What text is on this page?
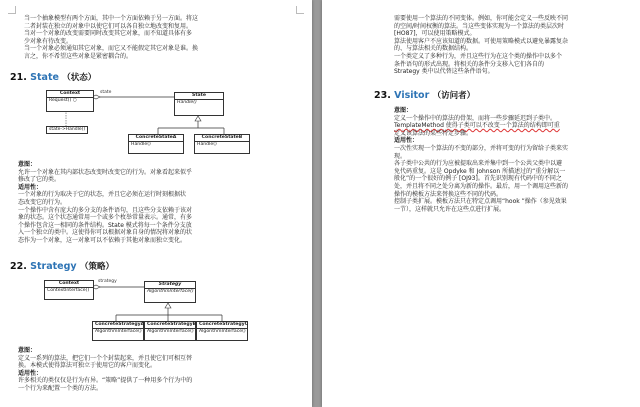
当一个抽象模型有两个方面，其中一个方面依赖于另一方面。将这

二者封装在独立的对象中以使它们可以各自独立地改变和复用。

当对一个对象的改变需要同时改变其它对象，而不知道具体有多

少对象有待改变。

当一个对象必须通知其它对象，而它又不能假定其它对象是谁。换

言之，你不希望这些对象是紧密耦合的。

21. State （状态）
Context
Request() ○
state
State
Handle()
state->Handle()
ConcreteStateA
Handle()
ConcreteStateB
Handle()

意图：

允许一个对象在其内部状态改变时改变它的行为。对象看起来似乎

修改了它的类。

适用性：

一个对象的行为取决于它的状态，并且它必须在运行时刻根据状

态改变它的行为。

一个操作中含有庞大的多分支的条件语句，且这些分支依赖于该对

象的状态。这个状态通常用一个或多个枚举常量表示。通常，有多

个操作包含这一相同的条件结构。State 模式将每一个条件分支放

入一个独立的类中。这使得你可以根据对象自身的情况将对象的状

态作为一个对象，这一对象可以不依赖于其他对象而独立变化。

22. Strategy （策略）
Context
ContextInterface()
strategy
Strategy
AlgorithmInterface()
ConcreteStrategyA
AlgorithmInterface()
ConcreteStrategyB
AlgorithmInterface()
ConcreteStrategyC
AlgorithmInterface()

意图：

定义一系列的算法，把它们一个个封装起来，并且使它们可相互替

换。本模式使得算法可独立于使用它的客户而变化。

适用性：

许多相关的类仅仅是行为有异。“策略”提供了一种用多个行为中的

一个行为来配置一个类的方法。

需要使用一个算法的不同变体。例如，你可能会定义一些反映不同

的空间/时间权衡的算法。当这些变体实现为一个算法的类层次时

[HO87]，可以使用策略模式。

算法使用客户不应该知道的数据。可使用策略模式以避免暴露复杂

的、与算法相关的数据结构。

一个类定义了多种行为，并且这些行为在这个类的操作中以多个

条件语句的形式出现。将相关的条件分支移入它们各自的

Strategy 类中以代替这些条件语句。

23. Visitor （访问者）

意图：

定义一个操作中的算法的骨架，而将一些步骤延迟到子类中。

TemplateMethod 使得子类可以不改变一个算法的结构即可重

定义该算法的某些特定步骤。

适用性：

一次性实现一个算法的不变的部分，并将可变的行为留给子类来实

现。

各子类中公共的行为应被提取出来并集中到一个公共父类中以避

免代码重复。这是 Opdyke 和 Johnson 所描述过的“重分解以一

般化”的一个很好的例子 [OJ93]。首先识别现有代码中的不同之

处，并且将不同之处分离为新的操作。最后，用一个调用这些新的

操作的模板方法来替换这些不同的代码。

控制子类扩展。模板方法只在特定点调用“hook ”操作（参见效果

一节），这样就只允许在这些点进行扩展。
